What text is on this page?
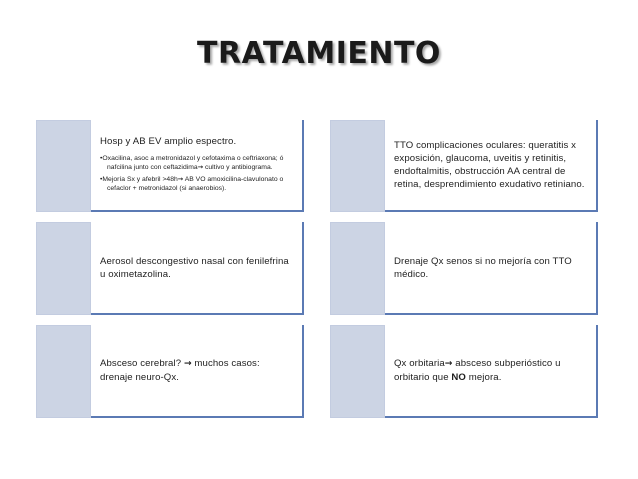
TRATAMIENTO

Hosp y AB EV amplio espectro.

• Oxacilina, asoc a metronidazol y cefotaxima o ceftriaxona; ó nafcilina junto con ceftazidima→ cultivo y antibiograma.
• Mejoría Sx y afebril >48h→ AB VO amoxicilina-clavulonato o cefaclor + metronidazol (si anaerobios).

TTO complicaciones oculares: queratitis x exposición, glaucoma, uveitis y retinitis, endoftalmitis, obstrucción AA central de retina, desprendimiento exudativo retiniano.

Aerosol descongestivo nasal con fenilefrina u oximetazolina.

Drenaje Qx senos si no mejoría con TTO médico.

Absceso cerebral? → muchos casos: drenaje neuro-Qx.

Qx orbitaria→ absceso subperióstico u orbitario que NO mejora.
